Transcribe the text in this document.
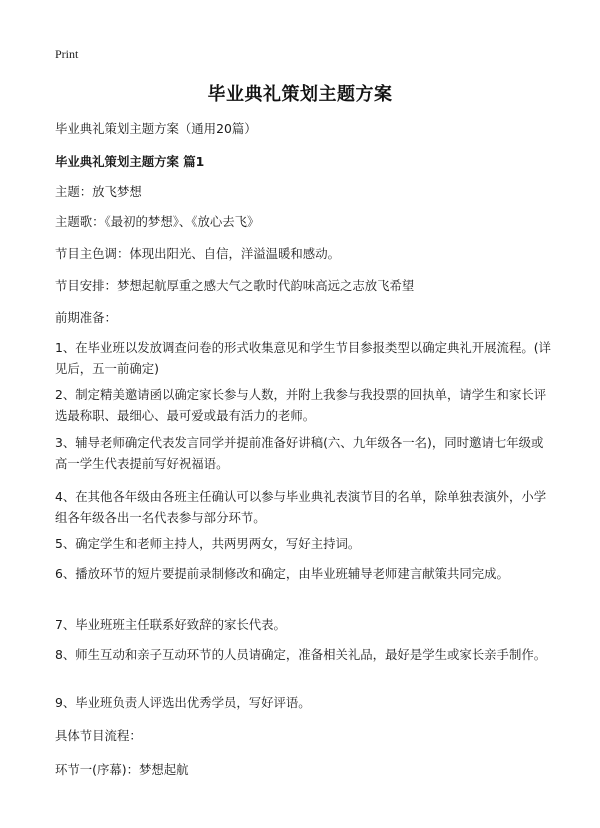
Print
毕业典礼策划主题方案
毕业典礼策划主题方案（通用20篇）
毕业典礼策划主题方案 篇1
主题：放飞梦想
主题歌：《最初的梦想》、《放心去飞》
节目主色调：体现出阳光、自信，洋溢温暖和感动。
节目安排：梦想起航厚重之感大气之歌时代韵味高远之志放飞希望
前期准备：
1、在毕业班以发放调查问卷的形式收集意见和学生节目参报类型以确定典礼开展流程。(详见后，五一前确定)
2、制定精美邀请函以确定家长参与人数，并附上我参与我投票的回执单，请学生和家长评选最称职、最细心、最可爱或最有活力的老师。
3、辅导老师确定代表发言同学并提前准备好讲稿(六、九年级各一名)，同时邀请七年级或高一学生代表提前写好祝福语。
4、在其他各年级由各班主任确认可以参与毕业典礼表演节目的名单，除单独表演外，小学组各年级各出一名代表参与部分环节。
5、确定学生和老师主持人，共两男两女，写好主持词。
6、播放环节的短片要提前录制修改和确定，由毕业班辅导老师建言献策共同完成。
7、毕业班班主任联系好致辞的家长代表。
8、师生互动和亲子互动环节的人员请确定，准备相关礼品，最好是学生或家长亲手制作。
9、毕业班负责人评选出优秀学员，写好评语。
具体节目流程：
环节一(序幕)：梦想起航
